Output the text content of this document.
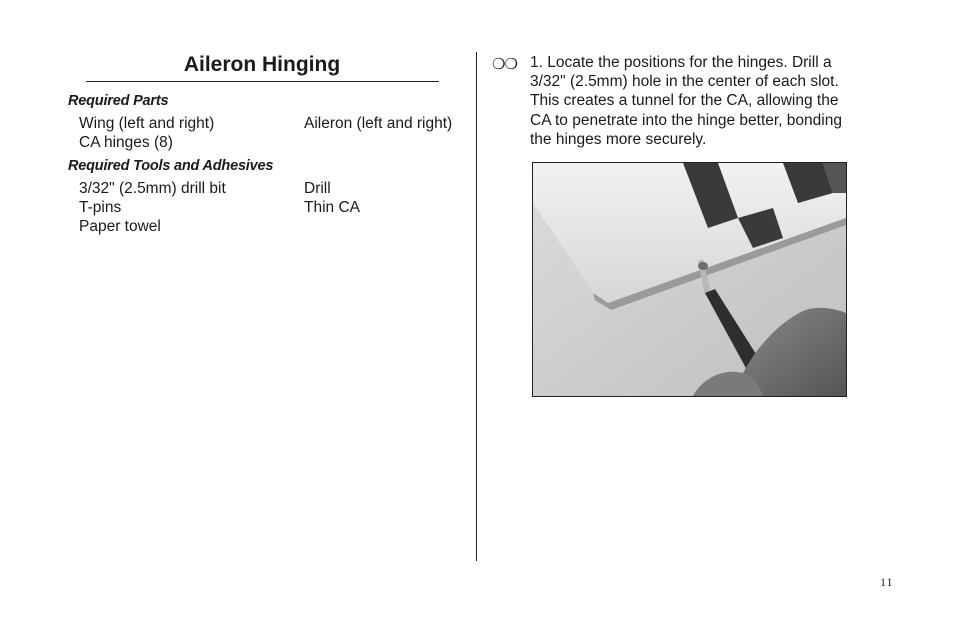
Aileron Hinging
Required Parts
Wing (left and right)	Aileron (left and right)
CA hinges (8)
Required Tools and Adhesives
3/32" (2.5mm) drill bit	Drill
T-pins	Thin CA
Paper towel
❍❍ 1. Locate the positions for the hinges. Drill a 3/32" (2.5mm) hole in the center of each slot. This creates a tunnel for the CA, allowing the CA to penetrate into the hinge better, bonding the hinges more securely.
11
